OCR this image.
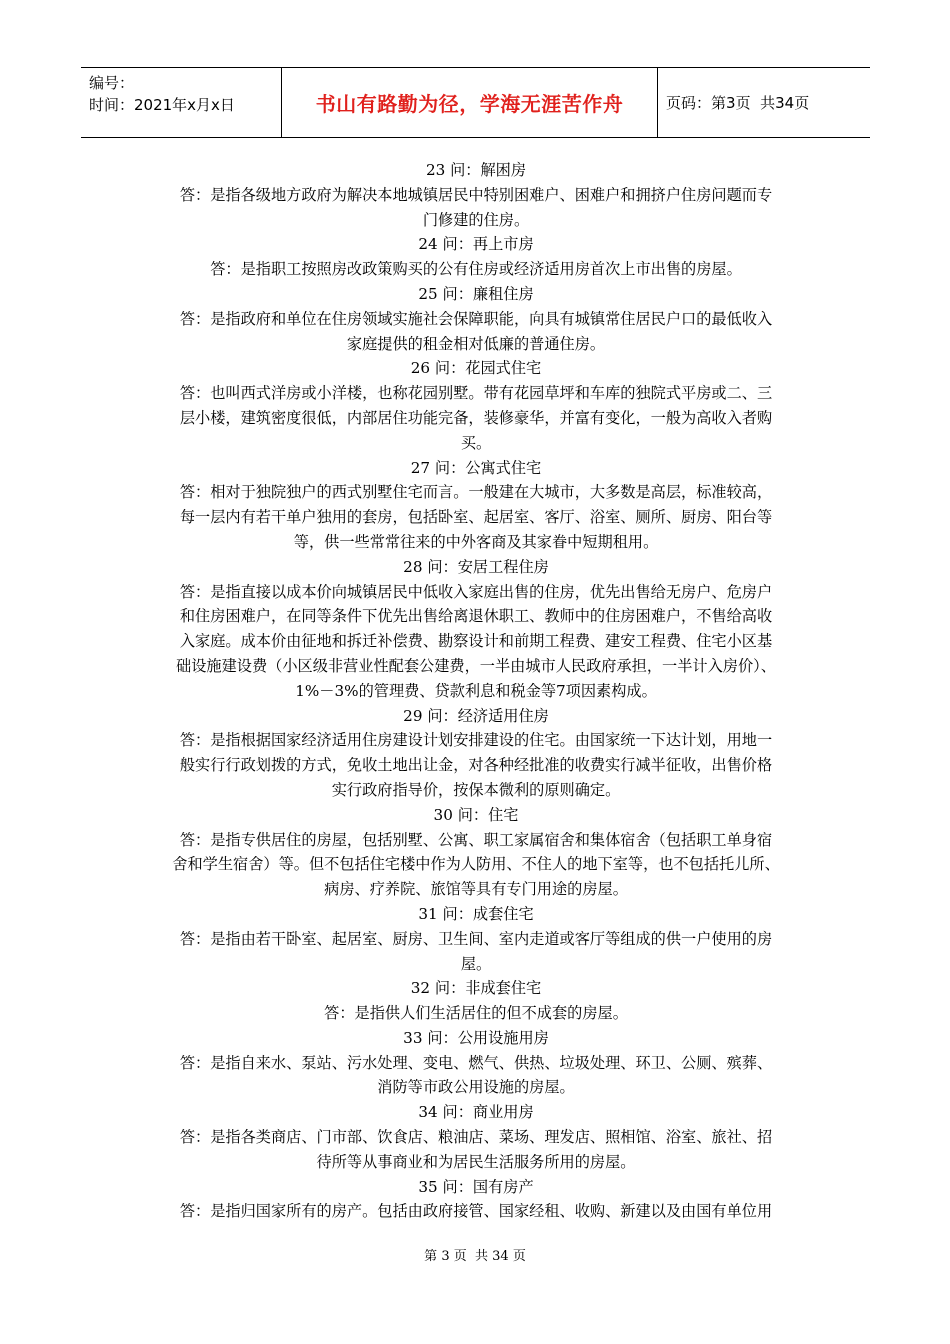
编号：
时间：2021年x月x日	书山有路勤为径，学海无涯苦作舟	页码：第 3 页  共 34 页
23 问：解困房
答：是指各级地方政府为解决本地城镇居民中特别困难户、困难户和拥挤户住房问题而专
门修建的住房。
24 问：再上市房
答：是指职工按照房改政策购买的公有住房或经济适用房首次上市出售的房屋。
25 问：廉租住房
答：是指政府和单位在住房领域实施社会保障职能，向具有城镇常住居民户口的最低收入
家庭提供的租金相对低廉的普通住房。
26 问：花园式住宅
答：也叫西式洋房或小洋楼，也称花园别墅。带有花园草坪和车库的独院式平房或二、三
层小楼，建筑密度很低，内部居住功能完备，装修豪华，并富有变化，一般为高收入者购
买。
27 问：公寓式住宅
答：相对于独院独户的西式别墅住宅而言。一般建在大城市，大多数是高层，标准较高，
每一层内有若干单户独用的套房，包括卧室、起居室、客厅、浴室、厕所、厨房、阳台等
等，供一些常常往来的中外客商及其家眷中短期租用。
28 问：安居工程住房
答：是指直接以成本价向城镇居民中低收入家庭出售的住房，优先出售给无房户、危房户
和住房困难户，在同等条件下优先出售给离退休职工、教师中的住房困难户，不售给高收
入家庭。成本价由征地和拆迁补偿费、勘察设计和前期工程费、建安工程费、住宅小区基
础设施建设费（小区级非营业性配套公建费，一半由城市人民政府承担，一半计入房价）、
1%－3%的管理费、贷款利息和税金等7项因素构成。
29 问：经济适用住房
答：是指根据国家经济适用住房建设计划安排建设的住宅。由国家统一下达计划，用地一
般实行行政划拨的方式，免收土地出让金，对各种经批准的收费实行减半征收，出售价格
实行政府指导价，按保本微利的原则确定。
30 问：住宅
答：是指专供居住的房屋，包括别墅、公寓、职工家属宿舍和集体宿舍（包括职工单身宿
舍和学生宿舍）等。但不包括住宅楼中作为人防用、不住人的地下室等，也不包括托儿所、
病房、疗养院、旅馆等具有专门用途的房屋。
31 问：成套住宅
答：是指由若干卧室、起居室、厨房、卫生间、室内走道或客厅等组成的供一户使用的房
屋。
32 问：非成套住宅
答：是指供人们生活居住的但不成套的房屋。
33 问：公用设施用房
答：是指自来水、泵站、污水处理、变电、燃气、供热、垃圾处理、环卫、公厕、殡葬、
消防等市政公用设施的房屋。
34 问：商业用房
答：是指各类商店、门市部、饮食店、粮油店、菜场、理发店、照相馆、浴室、旅社、招
待所等从事商业和为居民生活服务所用的房屋。
35 问：国有房产
答：是指归国家所有的房产。包括由政府接管、国家经租、收购、新建以及由国有单位用
第 3 页  共 34 页
